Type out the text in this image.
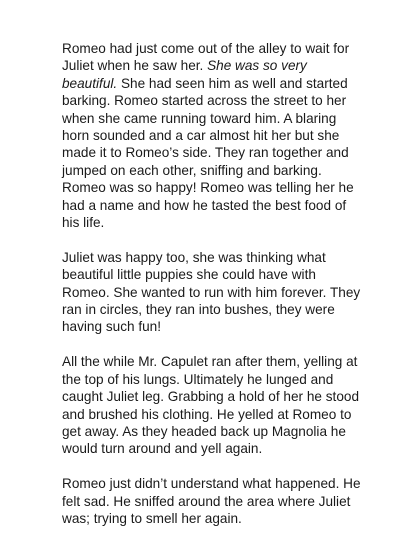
Romeo had just come out of the alley to wait for Juliet when he saw her. She was so very beautiful. She had seen him as well and started barking. Romeo started across the street to her when she came running toward him. A blaring horn sounded and a car almost hit her but she made it to Romeo’s side. They ran together and jumped on each other, sniffing and barking. Romeo was so happy! Romeo was telling her he had a name and how he tasted the best food of his life.

Juliet was happy too, she was thinking what beautiful little puppies she could have with Romeo. She wanted to run with him forever. They ran in circles, they ran into bushes, they were having such fun!

All the while Mr. Capulet ran after them, yelling at the top of his lungs. Ultimately he lunged and caught Juliet leg. Grabbing a hold of her he stood and brushed his clothing. He yelled at Romeo to get away. As they headed back up Magnolia he would turn around and yell again.

Romeo just didn’t understand what happened. He felt sad. He sniffed around the area where Juliet was; trying to smell her again.
